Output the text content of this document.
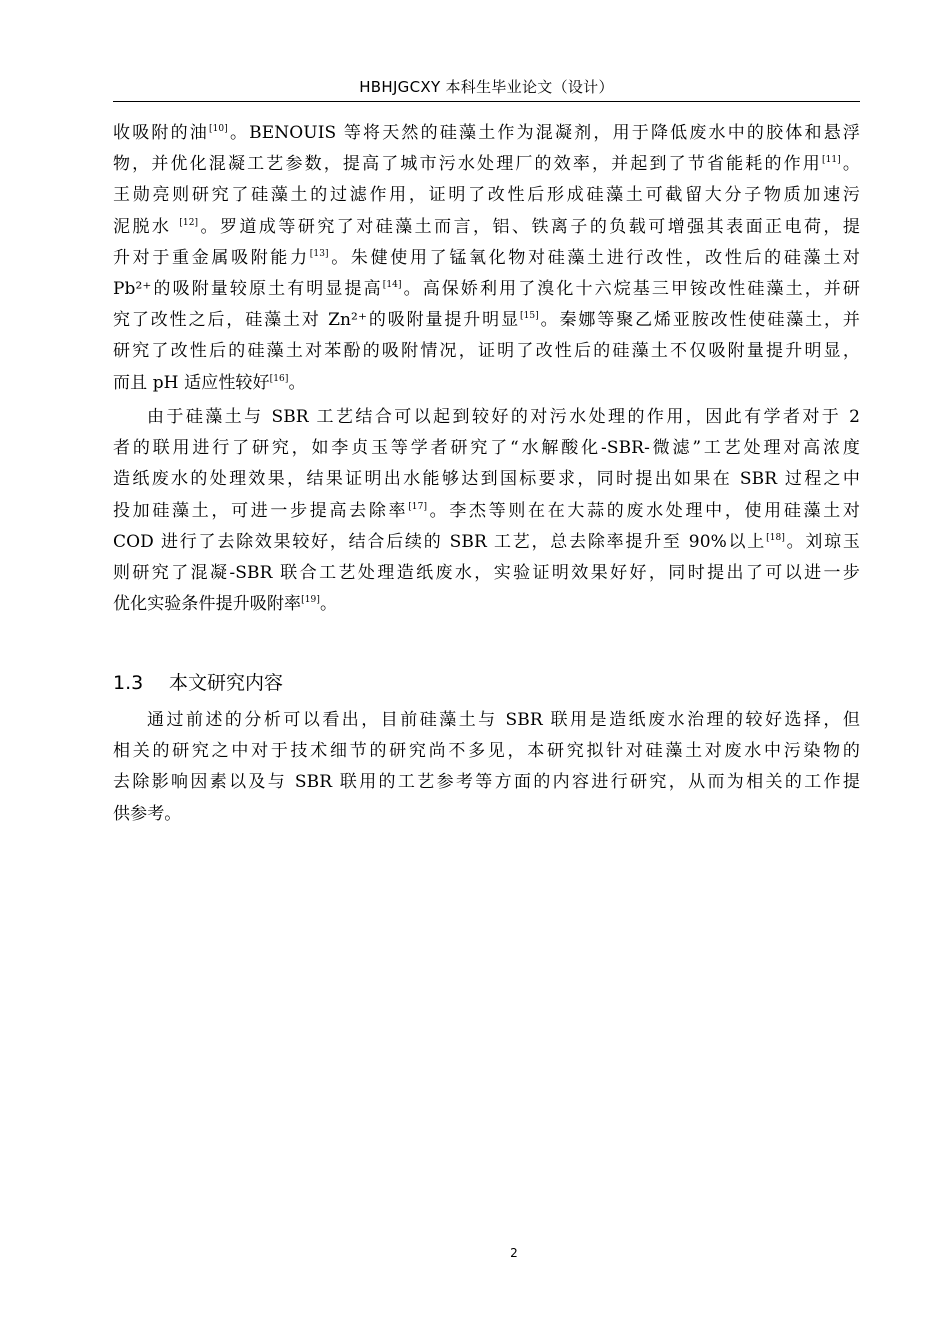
HBHJGCXY 本科生毕业论文（设计）
收吸附的油[10]。BENOUIS 等将天然的硅藻土作为混凝剂，用于降低废水中的胶体和悬浮
物，并优化混凝工艺参数，提高了城市污水处理厂的效率，并起到了节省能耗的作用[11]。
王勋亮则研究了硅藻土的过滤作用，证明了改性后形成硅藻土可截留大分子物质加速污
泥脱水 [12]。罗道成等研究了对硅藻土而言，铝、铁离子的负载可增强其表面正电荷，提
升对于重金属吸附能力[13]。朱健使用了锰氧化物对硅藻土进行改性，改性后的硅藻土对
Pb²⁺的吸附量较原土有明显提高[14]。高保娇利用了溴化十六烷基三甲铵改性硅藻土，并研
究了改性之后，硅藻土对 Zn²⁺的吸附量提升明显[15]。秦娜等聚乙烯亚胺改性使硅藻土，并
研究了改性后的硅藻土对苯酚的吸附情况，证明了改性后的硅藻土不仅吸附量提升明显，
而且 pH 适应性较好[16]。
由于硅藻土与 SBR 工艺结合可以起到较好的对污水处理的作用，因此有学者对于 2
者的联用进行了研究，如李贞玉等学者研究了“水解酸化-SBR-微滤”工艺处理对高浓度
造纸废水的处理效果，结果证明出水能够达到国标要求，同时提出如果在 SBR 过程之中
投加硅藻土，可进一步提高去除率[17]。李杰等则在在大蒜的废水处理中，使用硅藻土对
COD 进行了去除效果较好，结合后续的 SBR 工艺，总去除率提升至 90%以上[18]。刘琼玉
则研究了混凝-SBR 联合工艺处理造纸废水，实验证明效果好好，同时提出了可以进一步
优化实验条件提升吸附率[19]。
1.3 本文研究内容
通过前述的分析可以看出，目前硅藻土与 SBR 联用是造纸废水治理的较好选择，但
相关的研究之中对于技术细节的研究尚不多见，本研究拟针对硅藻土对废水中污染物的
去除影响因素以及与 SBR 联用的工艺参考等方面的内容进行研究，从而为相关的工作提
供参考。
2
